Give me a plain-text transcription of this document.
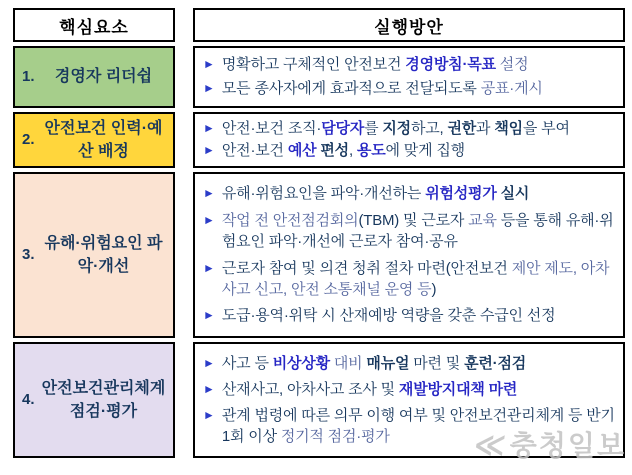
핵심요소	실행방안
1. 경영자 리더쉽
► 명확하고 구체적인 안전보건 경영방침·목표 설정
► 모든 종사자에게 효과적으로 전달되도록 공표·게시
2.
안전보건 인력·예산 배정
► 안전·보건 조직·담당자를 지정하고, 권한과 책임을 부여
► 안전·보건 예산 편성, 용도에 맞게 집행
3.
유해·위험요인 파악·개선
► 유해·위험요인을 파악·개선하는 위험성평가 실시
► 작업 전 안전점검회의(TBM) 및 근로자 교육 등을 통해 유해·위험요인 파악·개선에 근로자 참여·공유
► 근로자 참여 및 의견 청취 절차 마련(안전보건 제안 제도, 아차사고 신고, 안전 소통채널 운영 등)
► 도급·용역·위탁 시 산재예방 역량을 갖춘 수급인 선정
4.
안전보건관리체계 점검·평가
► 사고 등 비상상황 대비 매뉴얼 마련 및 훈련·점검
► 산재사고, 아차사고 조사 및 재발방지대책 마련
► 관계 법령에 따른 의무 이행 여부 및 안전보건관리체계 등 반기 1회 이상 정기적 점검·평가	≪ 충청일보
